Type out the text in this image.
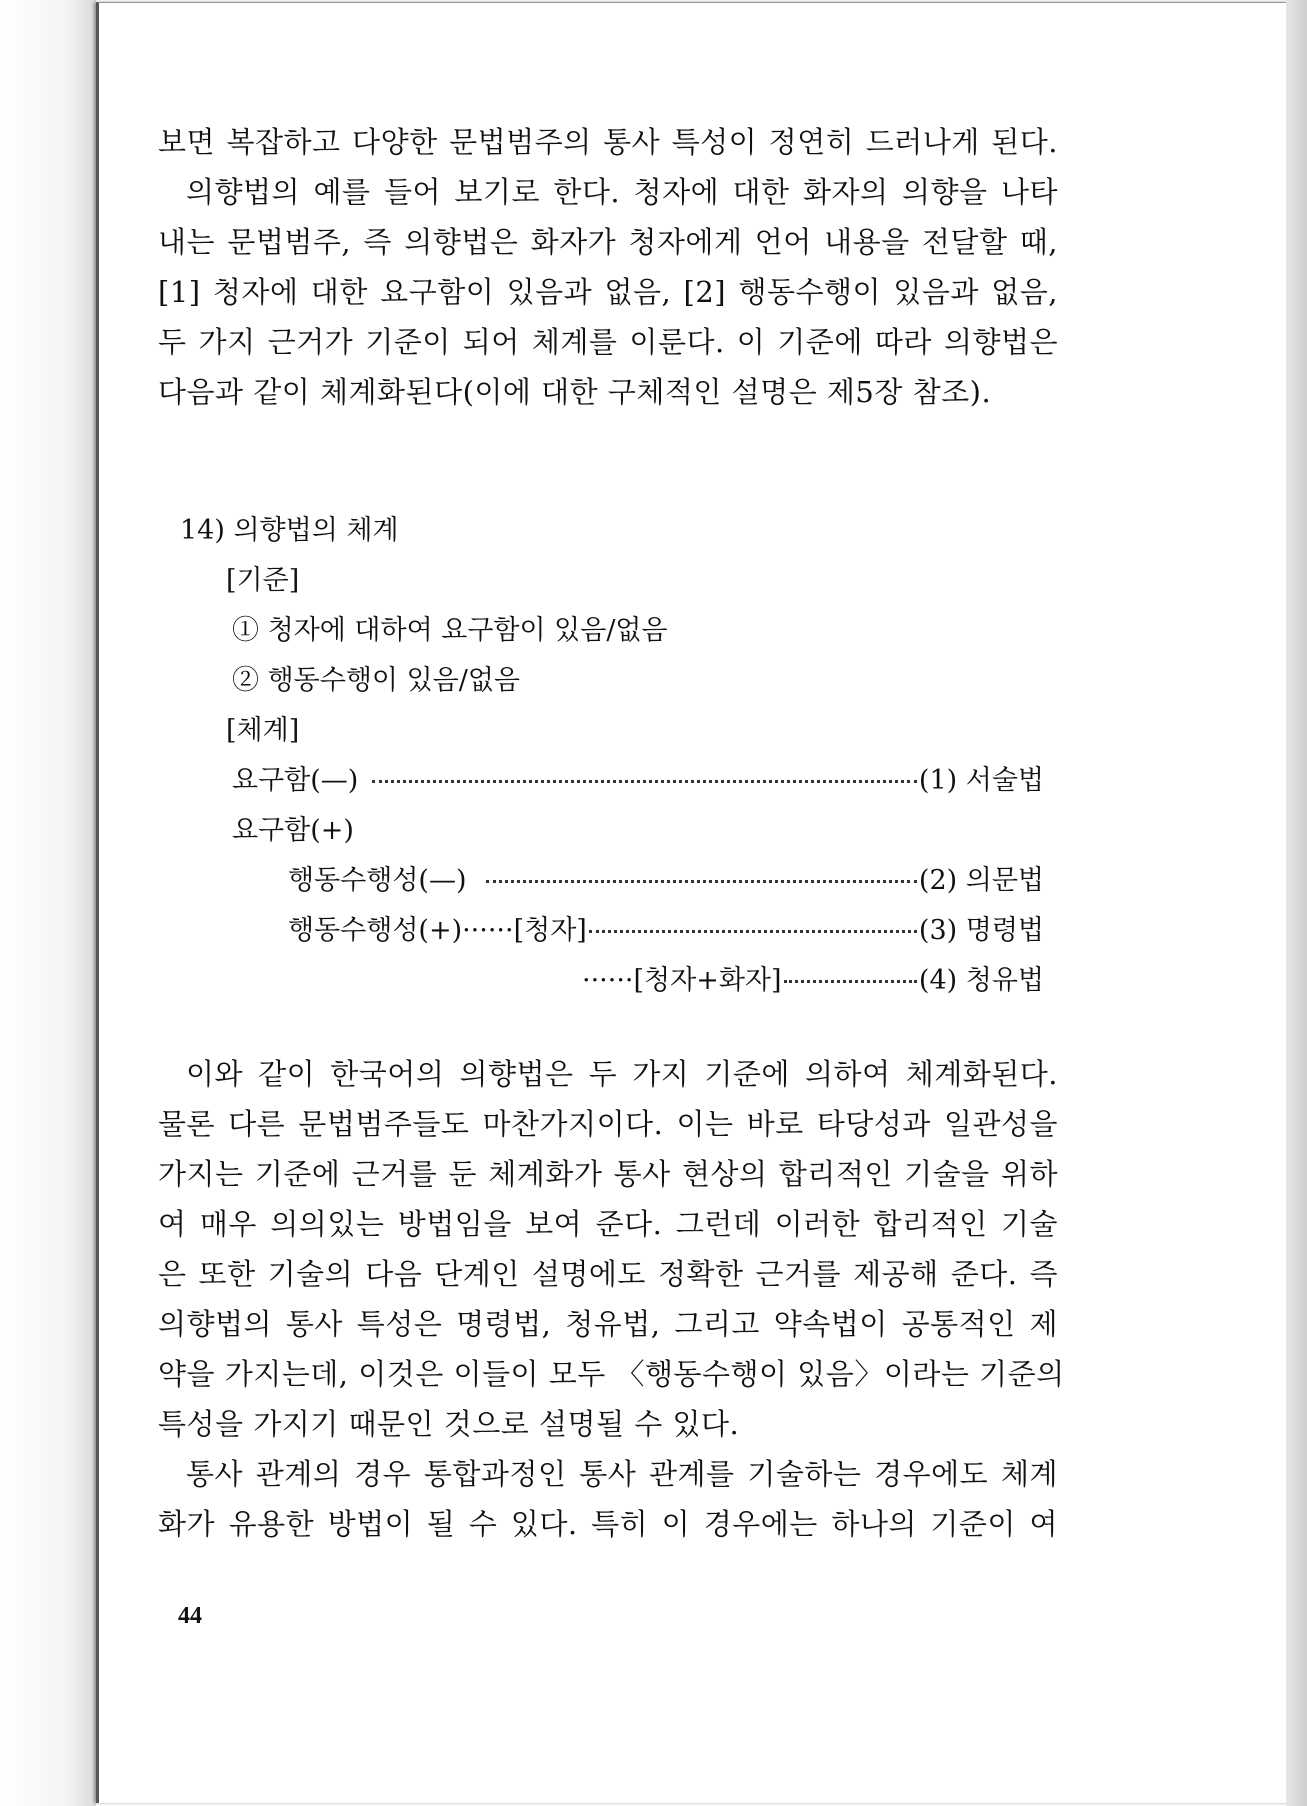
보면 복잡하고 다양한 문법범주의 통사 특성이 정연히 드러나게 된다.
의향법의 예를 들어 보기로 한다. 청자에 대한 화자의 의향을 나타
내는 문법범주, 즉 의향법은 화자가 청자에게 언어 내용을 전달할 때,
[1] 청자에 대한 요구함이 있음과 없음, [2] 행동수행이 있음과 없음,
두 가지 근거가 기준이 되어 체계를 이룬다. 이 기준에 따라 의향법은
다음과 같이 체계화된다(이에 대한 구체적인 설명은 제5장 참조).
14) 의향법의 체계
[기준]
① 청자에 대하여 요구함이 있음/없음
② 행동수행이 있음/없음
[체계]
요구함(—)	(1) 서술법
요구함(+)
행동수행성(—)	(2) 의문법
행동수행성(+)······[청자]	(3) 명령법
······[청자+화자]	(4) 청유법
이와 같이 한국어의 의향법은 두 가지 기준에 의하여 체계화된다.
물론 다른 문법범주들도 마찬가지이다. 이는 바로 타당성과 일관성을
가지는 기준에 근거를 둔 체계화가 통사 현상의 합리적인 기술을 위하
여 매우 의의있는 방법임을 보여 준다. 그런데 이러한 합리적인 기술
은 또한 기술의 다음 단계인 설명에도 정확한 근거를 제공해 준다. 즉
의향법의 통사 특성은 명령법, 청유법, 그리고 약속법이 공통적인 제
약을 가지는데, 이것은 이들이 모두 〈행동수행이 있음〉이라는 기준의
특성을 가지기 때문인 것으로 설명될 수 있다.
통사 관계의 경우 통합과정인 통사 관계를 기술하는 경우에도 체계
화가 유용한 방법이 될 수 있다. 특히 이 경우에는 하나의 기준이 여
44
